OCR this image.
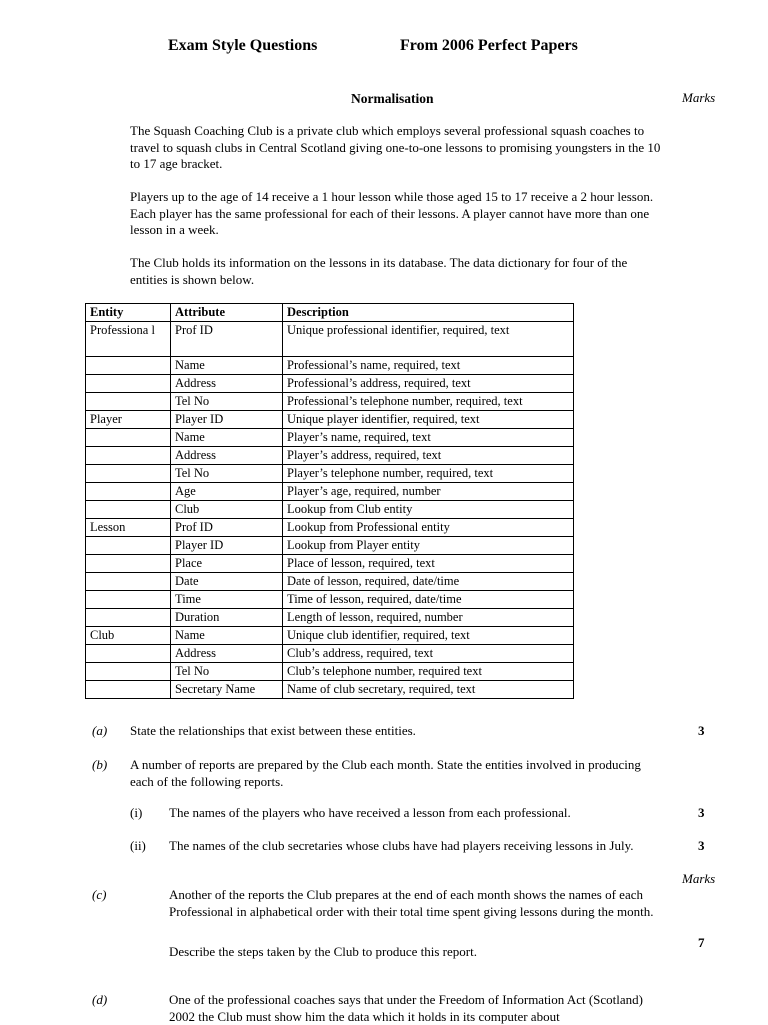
Exam Style Questions	From 2006 Perfect Papers
Normalisation	Marks
The Squash Coaching Club is a private club which employs several professional squash coaches to travel to squash clubs in Central Scotland giving one-to-one lessons to promising youngsters in the 10 to 17 age bracket.
Players up to the age of 14 receive a 1 hour lesson while those aged 15 to 17 receive a 2 hour lesson. Each player has the same professional for each of their lessons. A player cannot have more than one lesson in a week.
The Club holds its information on the lessons in its database. The data dictionary for four of the entities is shown below.
Entity	Attribute	Description
Professiona l	Prof ID	Unique professional identifier, required, text
	Name	Professional’s name, required, text
	Address	Professional’s address, required, text
	Tel No	Professional’s telephone number, required, text
Player	Player ID	Unique player identifier, required, text
	Name	Player’s name, required, text
	Address	Player’s address, required, text
	Tel No	Player’s telephone number, required, text
	Age	Player’s age, required, number
	Club	Lookup from Club entity
Lesson	Prof ID	Lookup from Professional entity
	Player ID	Lookup from Player entity
	Place	Place of lesson, required, text
	Date	Date of lesson, required, date/time
	Time	Time of lesson, required, date/time
	Duration	Length of lesson, required, number
Club	Name	Unique club identifier, required, text
	Address	Club’s address, required, text
	Tel No	Club’s telephone number, required text
	Secretary Name	Name of club secretary, required, text
(a) State the relationships that exist between these entities.	3
(b) A number of reports are prepared by the Club each month. State the entities involved in producing each of the following reports.
(i) The names of the players who have received a lesson from each professional.	3
(ii) The names of the club secretaries whose clubs have had players receiving lessons in July.	3
Marks
(c)	Another of the reports the Club prepares at the end of each month shows the names of each Professional in alphabetical order with their total time spent giving lessons during the month.
Describe the steps taken by the Club to produce this report.
7
(d)	One of the professional coaches says that under the Freedom of Information Act (Scotland) 2002 the Club must show him the data which it holds in its computer about
